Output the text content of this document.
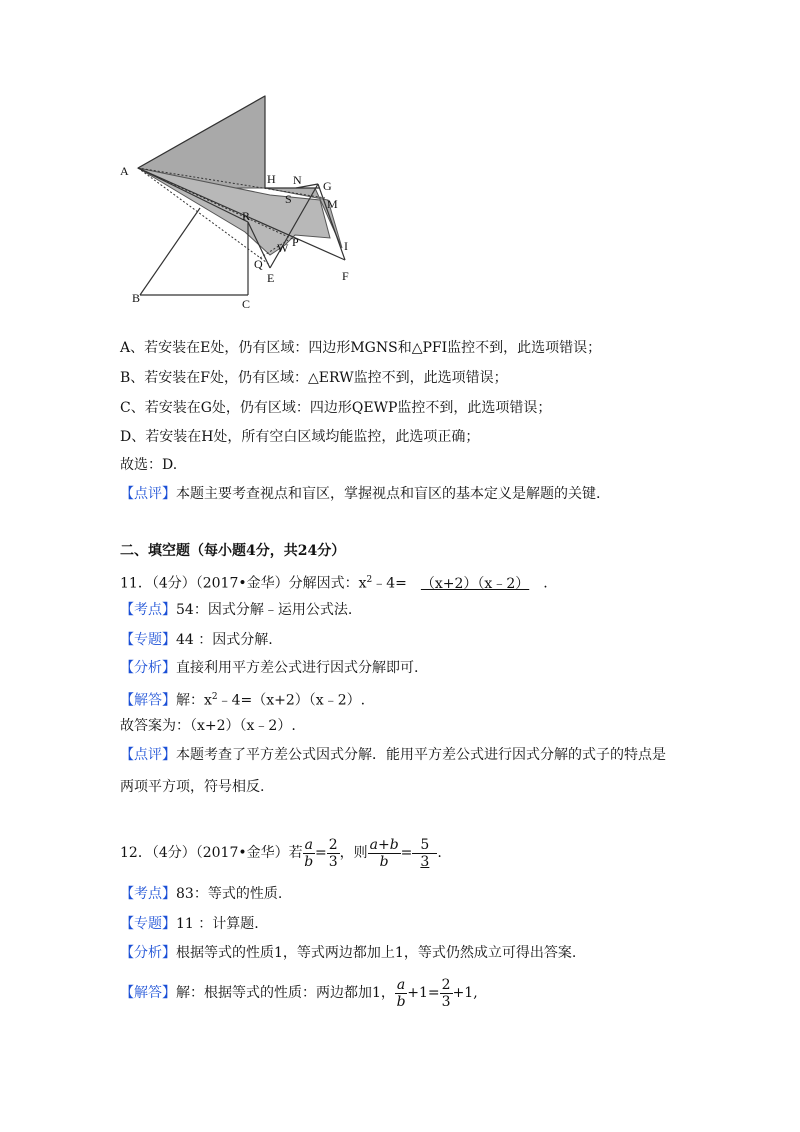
A
H N G
S	M
R
W P	I
Q
E	F
B	C
A、若安装在E处，仍有区域：四边形MGNS和△PFI监控不到，此选项错误；
B、若安装在F处，仍有区域：△ERW监控不到，此选项错误；
C、若安装在G处，仍有区域：四边形QEWP监控不到，此选项错误；
D、若安装在H处，所有空白区域均能监控，此选项正确；
故选：D.
【点评】本题主要考查视点和盲区，掌握视点和盲区的基本定义是解题的关键.
二、填空题（每小题4分，共24分）
11．（4分）（2017•金华）分解因式：$x^2﹣4=$ （x+2）（x﹣2） .
【考点】54：因式分解﹣运用公式法.
【专题】44 ：因式分解.
【分析】直接利用平方差公式进行因式分解即可.
【解答】解：$x^2﹣4=(x+2)(x﹣2)$.
故答案为：（x+2）（x﹣2）.
【点评】本题考查了平方差公式因式分解．能用平方差公式进行因式分解的式子的特点是
两项平方项，符号相反.
12．（4分）（2017•金华）若 $\frac{a}{b} = \frac{2}{3}$ ，则 $\frac{a+b}{b} = \frac{5}{3}$ .
【考点】83：等式的性质.
【专题】11 ：计算题.
【分析】根据等式的性质1，等式两边都加上1，等式仍然成立可得出答案.
【解答】解：根据等式的性质：两边都加1， $\frac{a}{b} +1= \frac{2}{3} +1$,
